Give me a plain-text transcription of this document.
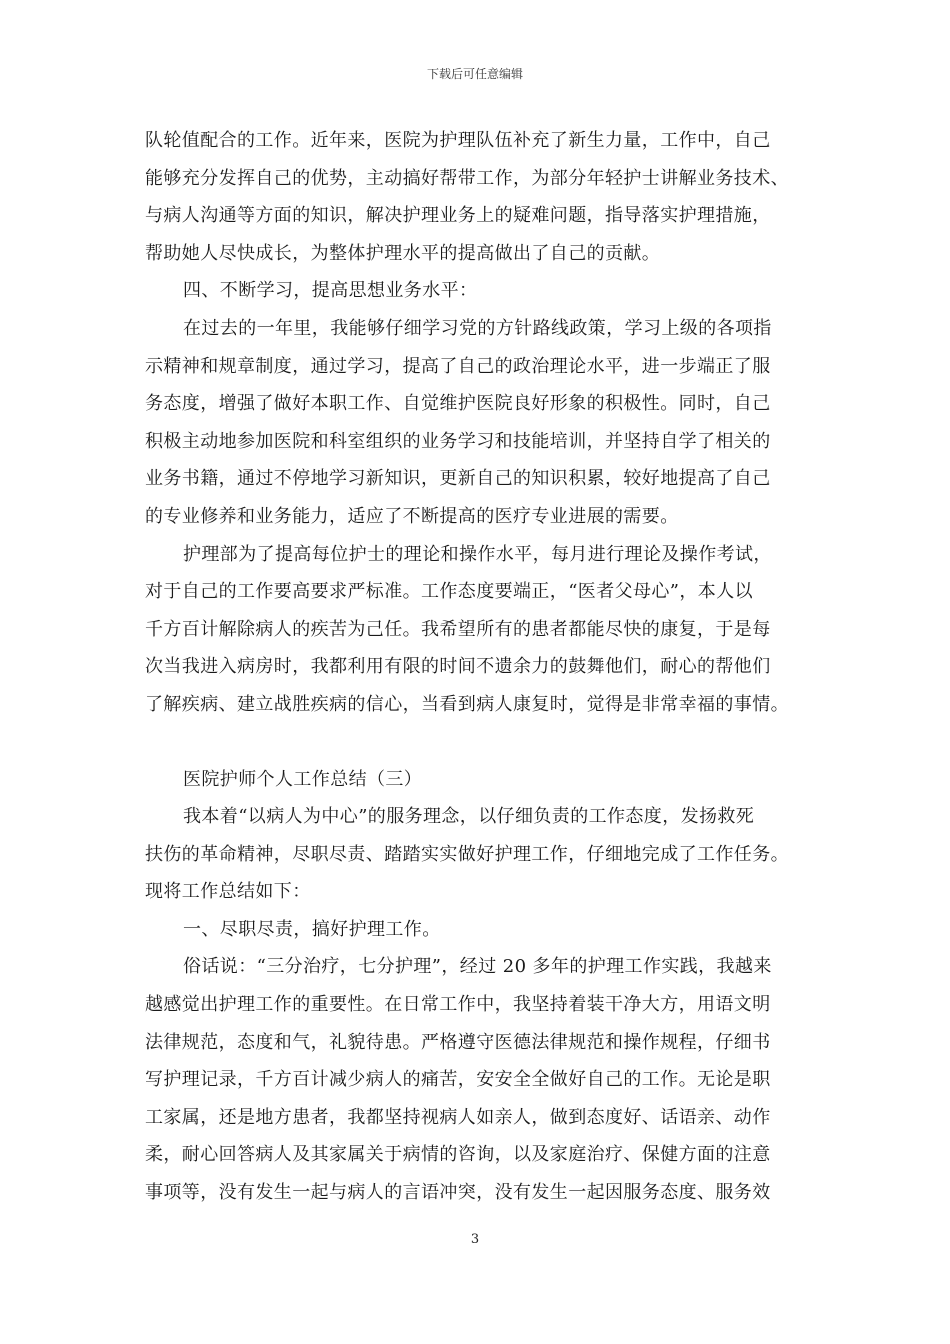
下载后可任意编辑

队轮值配合的工作。近年来，医院为护理队伍补充了新生力量，工作中，自己
能够充分发挥自己的优势，主动搞好帮带工作，为部分年轻护士讲解业务技术、
与病人沟通等方面的知识，解决护理业务上的疑难问题，指导落实护理措施，
帮助她人尽快成长，为整体护理水平的提高做出了自己的贡献。

四、不断学习，提高思想业务水平：

在过去的一年里，我能够仔细学习党的方针路线政策，学习上级的各项指
示精神和规章制度，通过学习，提高了自己的政治理论水平，进一步端正了服
务态度，增强了做好本职工作、自觉维护医院良好形象的积极性。同时，自己
积极主动地参加医院和科室组织的业务学习和技能培训，并坚持自学了相关的
业务书籍，通过不停地学习新知识，更新自己的知识积累，较好地提高了自己
的专业修养和业务能力，适应了不断提高的医疗专业进展的需要。

护理部为了提高每位护士的理论和操作水平，每月进行理论及操作考试，
对于自己的工作要高要求严标准。工作态度要端正，“医者父母心”，本人以
千方百计解除病人的疾苦为己任。我希望所有的患者都能尽快的康复，于是每
次当我进入病房时，我都利用有限的时间不遗余力的鼓舞他们，耐心的帮他们
了解疾病、建立战胜疾病的信心，当看到病人康复时，觉得是非常幸福的事情。

医院护师个人工作总结（三）

我本着“以病人为中心”的服务理念，以仔细负责的工作态度，发扬救死
扶伤的革命精神，尽职尽责、踏踏实实做好护理工作，仔细地完成了工作任务。
现将工作总结如下：

一、尽职尽责，搞好护理工作。

俗话说：“三分治疗，七分护理”，经过 20 多年的护理工作实践，我越来
越感觉出护理工作的重要性。在日常工作中，我坚持着装干净大方，用语文明
法律规范，态度和气，礼貌待患。严格遵守医德法律规范和操作规程，仔细书
写护理记录，千方百计减少病人的痛苦，安安全全做好自己的工作。无论是职
工家属，还是地方患者，我都坚持视病人如亲人，做到态度好、话语亲、动作
柔，耐心回答病人及其家属关于病情的咨询，以及家庭治疗、保健方面的注意
事项等，没有发生一起与病人的言语冲突，没有发生一起因服务态度、服务效

3
